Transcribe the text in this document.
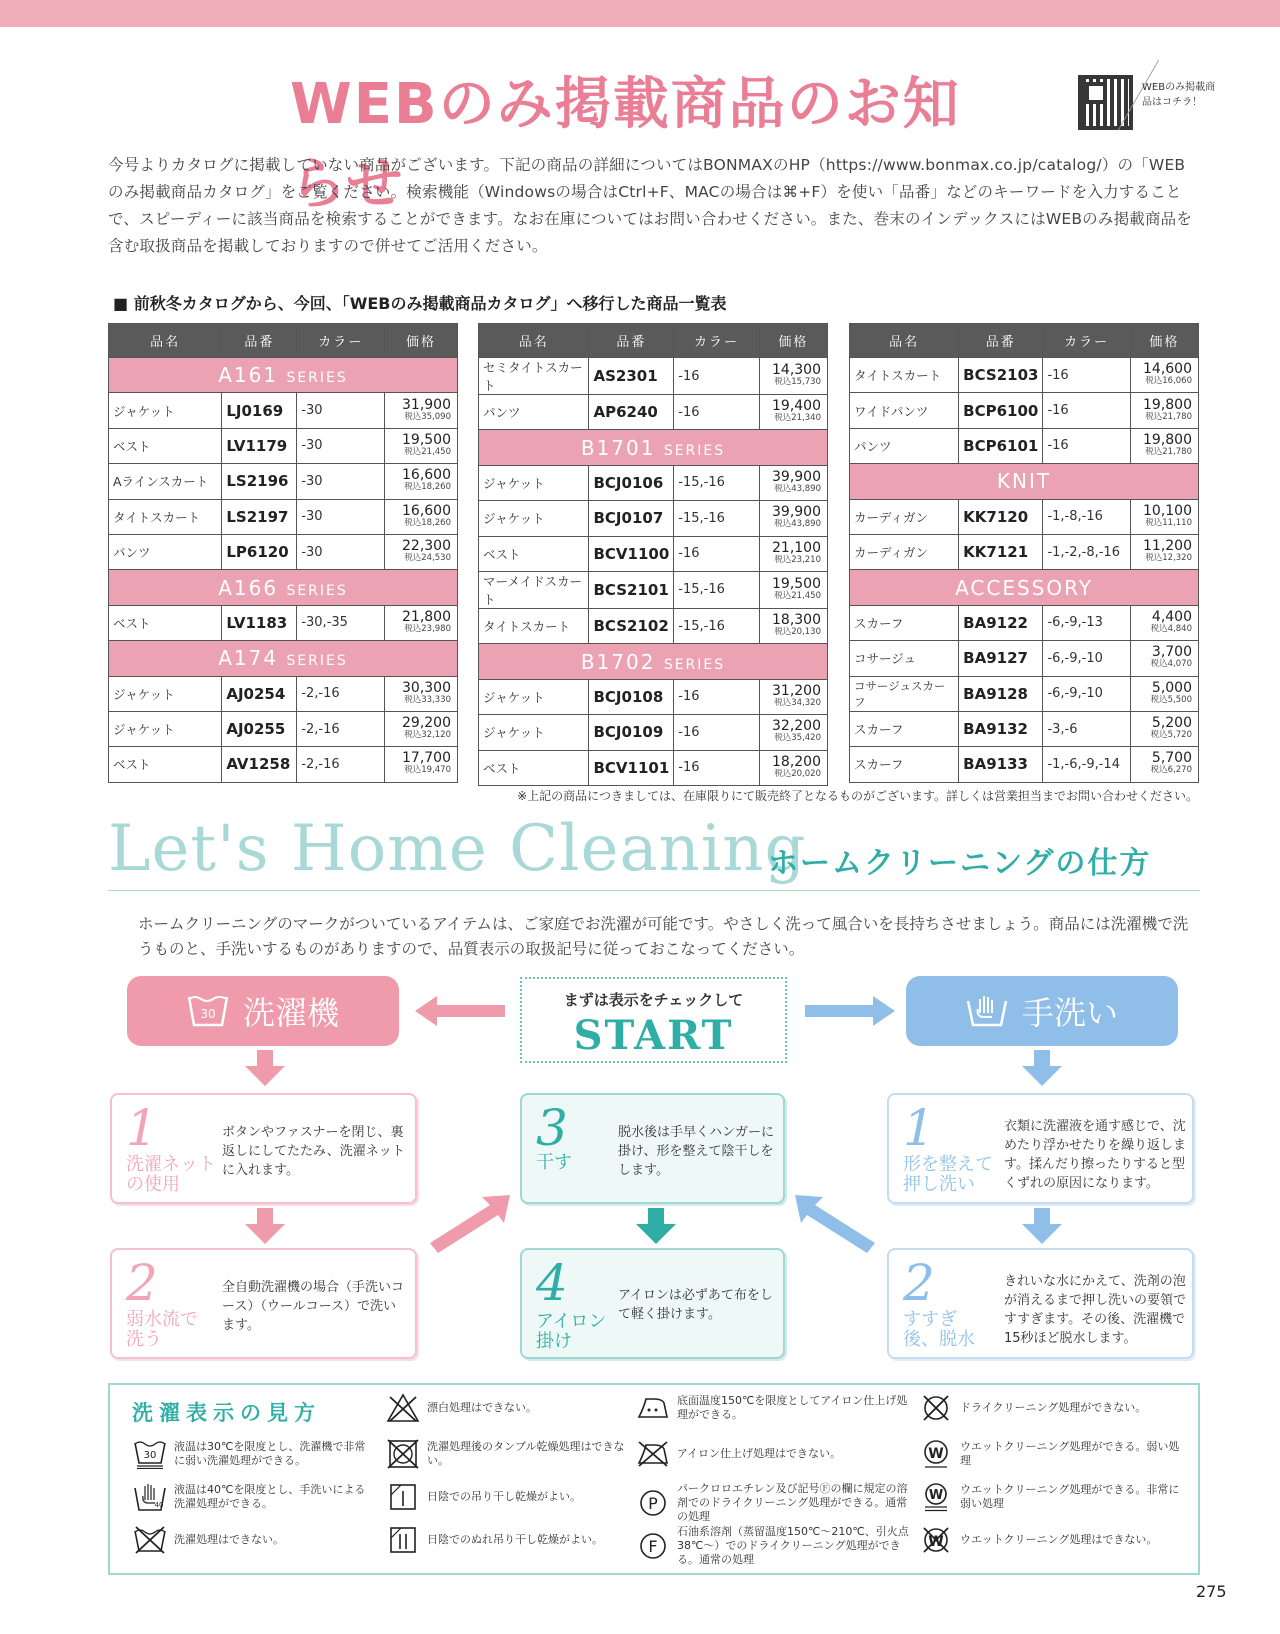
WEBのみ掲載商品のお知らせ
WEBのみ掲載商品はコチラ！
今号よりカタログに掲載していない商品がございます。下記の商品の詳細についてはBONMAXのHP（https://www.bonmax.co.jp/catalog/）の「WEBのみ掲載商品カタログ」をご覧ください。検索機能（Windowsの場合はCtrl+F、MACの場合は⌘+F）を使い「品番」などのキーワードを入力することで、スピーディーに該当商品を検索することができます。なお在庫についてはお問い合わせください。また、巻末のインデックスにはWEBのみ掲載商品を含む取扱商品を掲載しておりますので併せてご活用ください。
■ 前秋冬カタログから、今回、「WEBのみ掲載商品カタログ」へ移行した商品一覧表
品名	品番	カラー	価格
A161 SERIES			
ジャケット	LJ0169	-30	31,900
税込35,090

ベスト	LV1179	-30	19,500
税込21,450

Aラインスカート	LS2196	-30	16,600
税込18,260

タイトスカート	LS2197	-30	16,600
税込18,260

パンツ	LP6120	-30	22,300
税込24,530

A166 SERIES			
ベスト	LV1183	-30,-35	21,800
税込23,980

A174 SERIES			
ジャケット	AJ0254	-2,-16	30,300
税込33,330

ジャケット	AJ0255	-2,-16	29,200
税込32,120

ベスト	AV1258	-2,-16	17,700
税込19,470
品名	品番	カラー	価格
セミタイトスカート	AS2301	-16	14,300
税込15,730

パンツ	AP6240	-16	19,400
税込21,340

B1701 SERIES			
ジャケット	BCJ0106	-15,-16	39,900
税込43,890

ジャケット	BCJ0107	-15,-16	39,900
税込43,890

ベスト	BCV1100	-16	21,100
税込23,210

マーメイドスカート	BCS2101	-15,-16	19,500
税込21,450

タイトスカート	BCS2102	-15,-16	18,300
税込20,130

B1702 SERIES			
ジャケット	BCJ0108	-16	31,200
税込34,320

ジャケット	BCJ0109	-16	32,200
税込35,420

ベスト	BCV1101	-16	18,200
税込20,020
品名	品番	カラー	価格
タイトスカート	BCS2103	-16	14,600
税込16,060

ワイドパンツ	BCP6100	-16	19,800
税込21,780

パンツ	BCP6101	-16	19,800
税込21,780

KNIT			
カーディガン	KK7120	-1,-8,-16	10,100
税込11,110

カーディガン	KK7121	-1,-2,-8,-16	11,200
税込12,320

ACCESSORY			
スカーフ	BA9122	-6,-9,-13	4,400
税込4,840

コサージュ	BA9127	-6,-9,-10	3,700
税込4,070

コサージュスカーフ	BA9128	-6,-9,-10	5,000
税込5,500

スカーフ	BA9132	-3,-6	5,200
税込5,720

スカーフ	BA9133	-1,-6,-9,-14	5,700
税込6,270
※上記の商品につきましては、在庫限りにて販売終了となるものがございます。詳しくは営業担当までお問い合わせください。
Let's Home Cleaning
ホームクリーニングの仕方
ホームクリーニングのマークがついているアイテムは、ご家庭でお洗濯が可能です。やさしく洗って風合いを長持ちさせましょう。商品には洗濯機で洗うものと、手洗いするものがありますので、品質表示の取扱記号に従っておこなってください。
30 洗濯機	手洗い
まずは表示をチェックして
START
1
洗濯ネットの使用
ボタンやファスナーを閉じ、裏返しにしてたたみ、洗濯ネットに入れます。
2
弱水流で洗う
全自動洗濯機の場合（手洗いコース）（ウールコース）で洗います。
3
干す
脱水後は手早くハンガーに掛け、形を整えて陰干しをします。
4
アイロン掛け
アイロンは必ずあて布をして軽く掛けます。
1
形を整えて押し洗い
衣類に洗濯液を通す感じで、沈めたり浮かせたりを繰り返します。揉んだり擦ったりすると型くずれの原因になります。
2
すすぎ後、脱水
きれいな水にかえて、洗剤の泡が消えるまで押し洗いの要領ですすぎます。その後、洗濯機で15秒ほど脱水します。
洗濯表示の見方
30
液温は30℃を限度とし、洗濯機で非常に弱い洗濯処理ができる。
40
液温は40℃を限度とし、手洗いによる洗濯処理ができる。
洗濯処理はできない。
漂白処理はできない。
洗濯処理後のタンブル乾燥処理はできない。
日陰での吊り干し乾燥がよい。
日陰でのぬれ吊り干し乾燥がよい。
底面温度150℃を限度としてアイロン仕上げ処理ができる。
アイロン仕上げ処理はできない。
P
パークロロエチレン及び記号Ⓕの欄に規定の溶剤でのドライクリーニング処理ができる。通常の処理
F
石油系溶剤（蒸留温度150℃～210℃、引火点 38℃～）でのドライクリーニング処理ができる。通常の処理
ドライクリーニング処理ができない。
W ウエットクリーニング処理ができる。弱い処理
W ウエットクリーニング処理ができる。非常に弱い処理
W ウエットクリーニング処理はできない。
275
